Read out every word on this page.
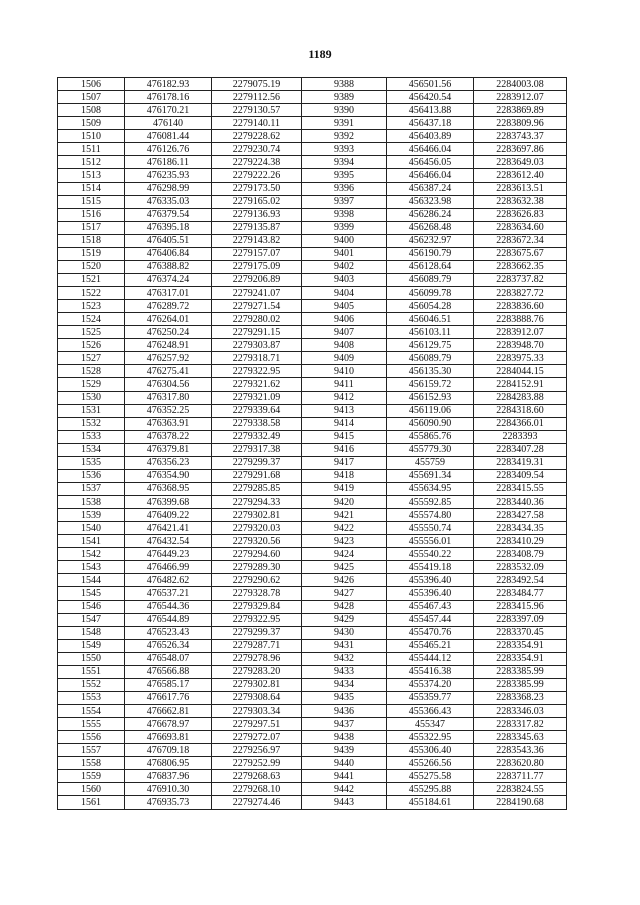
1189
1506	476182.93	2279075.19	9388	456501.56	2284003.08
1507	476178.16	2279112.56	9389	456420.54	2283912.07
1508	476170.21	2279130.57	9390	456413.88	2283869.89
1509	476140	2279140.11	9391	456437.18	2283809.96
1510	476081.44	2279228.62	9392	456403.89	2283743.37
1511	476126.76	2279230.74	9393	456466.04	2283697.86
1512	476186.11	2279224.38	9394	456456.05	2283649.03
1513	476235.93	2279222.26	9395	456466.04	2283612.40
1514	476298.99	2279173.50	9396	456387.24	2283613.51
1515	476335.03	2279165.02	9397	456323.98	2283632.38
1516	476379.54	2279136.93	9398	456286.24	2283626.83
1517	476395.18	2279135.87	9399	456268.48	2283634.60
1518	476405.51	2279143.82	9400	456232.97	2283672.34
1519	476406.84	2279157.07	9401	456190.79	2283675.67
1520	476388.82	2279175.09	9402	456128.64	2283662.35
1521	476374.24	2279206.89	9403	456089.79	2283737.82
1522	476317.01	2279241.07	9404	456099.78	2283827.72
1523	476289.72	2279271.54	9405	456054.28	2283836.60
1524	476264.01	2279280.02	9406	456046.51	2283888.76
1525	476250.24	2279291.15	9407	456103.11	2283912.07
1526	476248.91	2279303.87	9408	456129.75	2283948.70
1527	476257.92	2279318.71	9409	456089.79	2283975.33
1528	476275.41	2279322.95	9410	456135.30	2284044.15
1529	476304.56	2279321.62	9411	456159.72	2284152.91
1530	476317.80	2279321.09	9412	456152.93	2284283.88
1531	476352.25	2279339.64	9413	456119.06	2284318.60
1532	476363.91	2279338.58	9414	456090.90	2284366.01
1533	476378.22	2279332.49	9415	455865.76	2283393
1534	476379.81	2279317.38	9416	455779.30	2283407.28
1535	476356.23	2279299.37	9417	455759	2283419.31
1536	476354.90	2279291.68	9418	455691.34	2283409.54
1537	476368.95	2279285.85	9419	455634.95	2283415.55
1538	476399.68	2279294.33	9420	455592.85	2283440.36
1539	476409.22	2279302.81	9421	455574.80	2283427.58
1540	476421.41	2279320.03	9422	455550.74	2283434.35
1541	476432.54	2279320.56	9423	455556.01	2283410.29
1542	476449.23	2279294.60	9424	455540.22	2283408.79
1543	476466.99	2279289.30	9425	455419.18	2283532.09
1544	476482.62	2279290.62	9426	455396.40	2283492.54
1545	476537.21	2279328.78	9427	455396.40	2283484.77
1546	476544.36	2279329.84	9428	455467.43	2283415.96
1547	476544.89	2279322.95	9429	455457.44	2283397.09
1548	476523.43	2279299.37	9430	455470.76	2283370.45
1549	476526.34	2279287.71	9431	455465.21	2283354.91
1550	476548.07	2279278.96	9432	455444.12	2283354.91
1551	476566.88	2279283.20	9433	455416.38	2283385.99
1552	476585.17	2279302.81	9434	455374.20	2283385.99
1553	476617.76	2279308.64	9435	455359.77	2283368.23
1554	476662.81	2279303.34	9436	455366.43	2283346.03
1555	476678.97	2279297.51	9437	455347	2283317.82
1556	476693.81	2279272.07	9438	455322.95	2283345.63
1557	476709.18	2279256.97	9439	455306.40	2283543.36
1558	476806.95	2279252.99	9440	455266.56	2283620.80
1559	476837.96	2279268.63	9441	455275.58	2283711.77
1560	476910.30	2279268.10	9442	455295.88	2283824.55
1561	476935.73	2279274.46	9443	455184.61	2284190.68
